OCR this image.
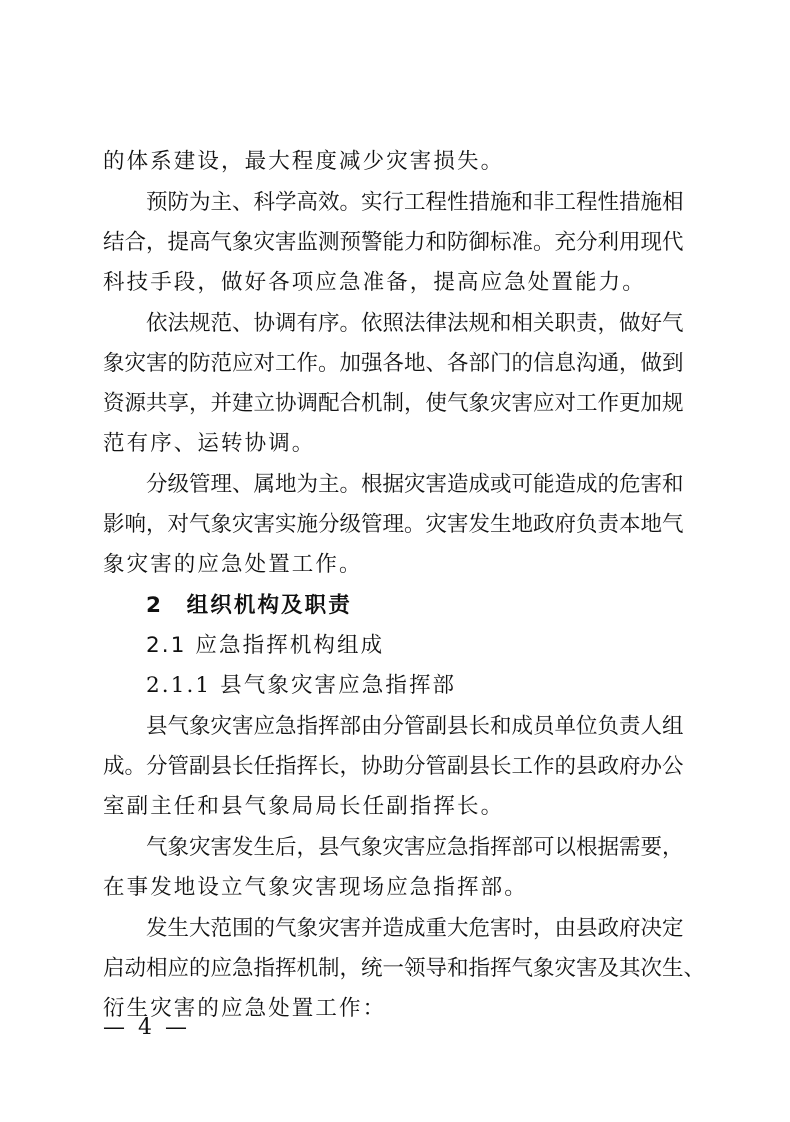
的体系建设，最大程度减少灾害损失。
预防为主、科学高效。实行工程性措施和非工程性措施相
结合，提高气象灾害监测预警能力和防御标准。充分利用现代
科技手段，做好各项应急准备，提高应急处置能力。
依法规范、协调有序。依照法律法规和相关职责，做好气
象灾害的防范应对工作。加强各地、各部门的信息沟通，做到
资源共享，并建立协调配合机制，使气象灾害应对工作更加规
范有序、运转协调。
分级管理、属地为主。根据灾害造成或可能造成的危害和
影响，对气象灾害实施分级管理。灾害发生地政府负责本地气
象灾害的应急处置工作。
2　组织机构及职责
2.1 应急指挥机构组成
2.1.1 县气象灾害应急指挥部
县气象灾害应急指挥部由分管副县长和成员单位负责人组
成。分管副县长任指挥长，协助分管副县长工作的县政府办公
室副主任和县气象局局长任副指挥长。
气象灾害发生后，县气象灾害应急指挥部可以根据需要，
在事发地设立气象灾害现场应急指挥部。
发生大范围的气象灾害并造成重大危害时，由县政府决定
启动相应的应急指挥机制，统一领导和指挥气象灾害及其次生、
衍生灾害的应急处置工作：
— 4 —
